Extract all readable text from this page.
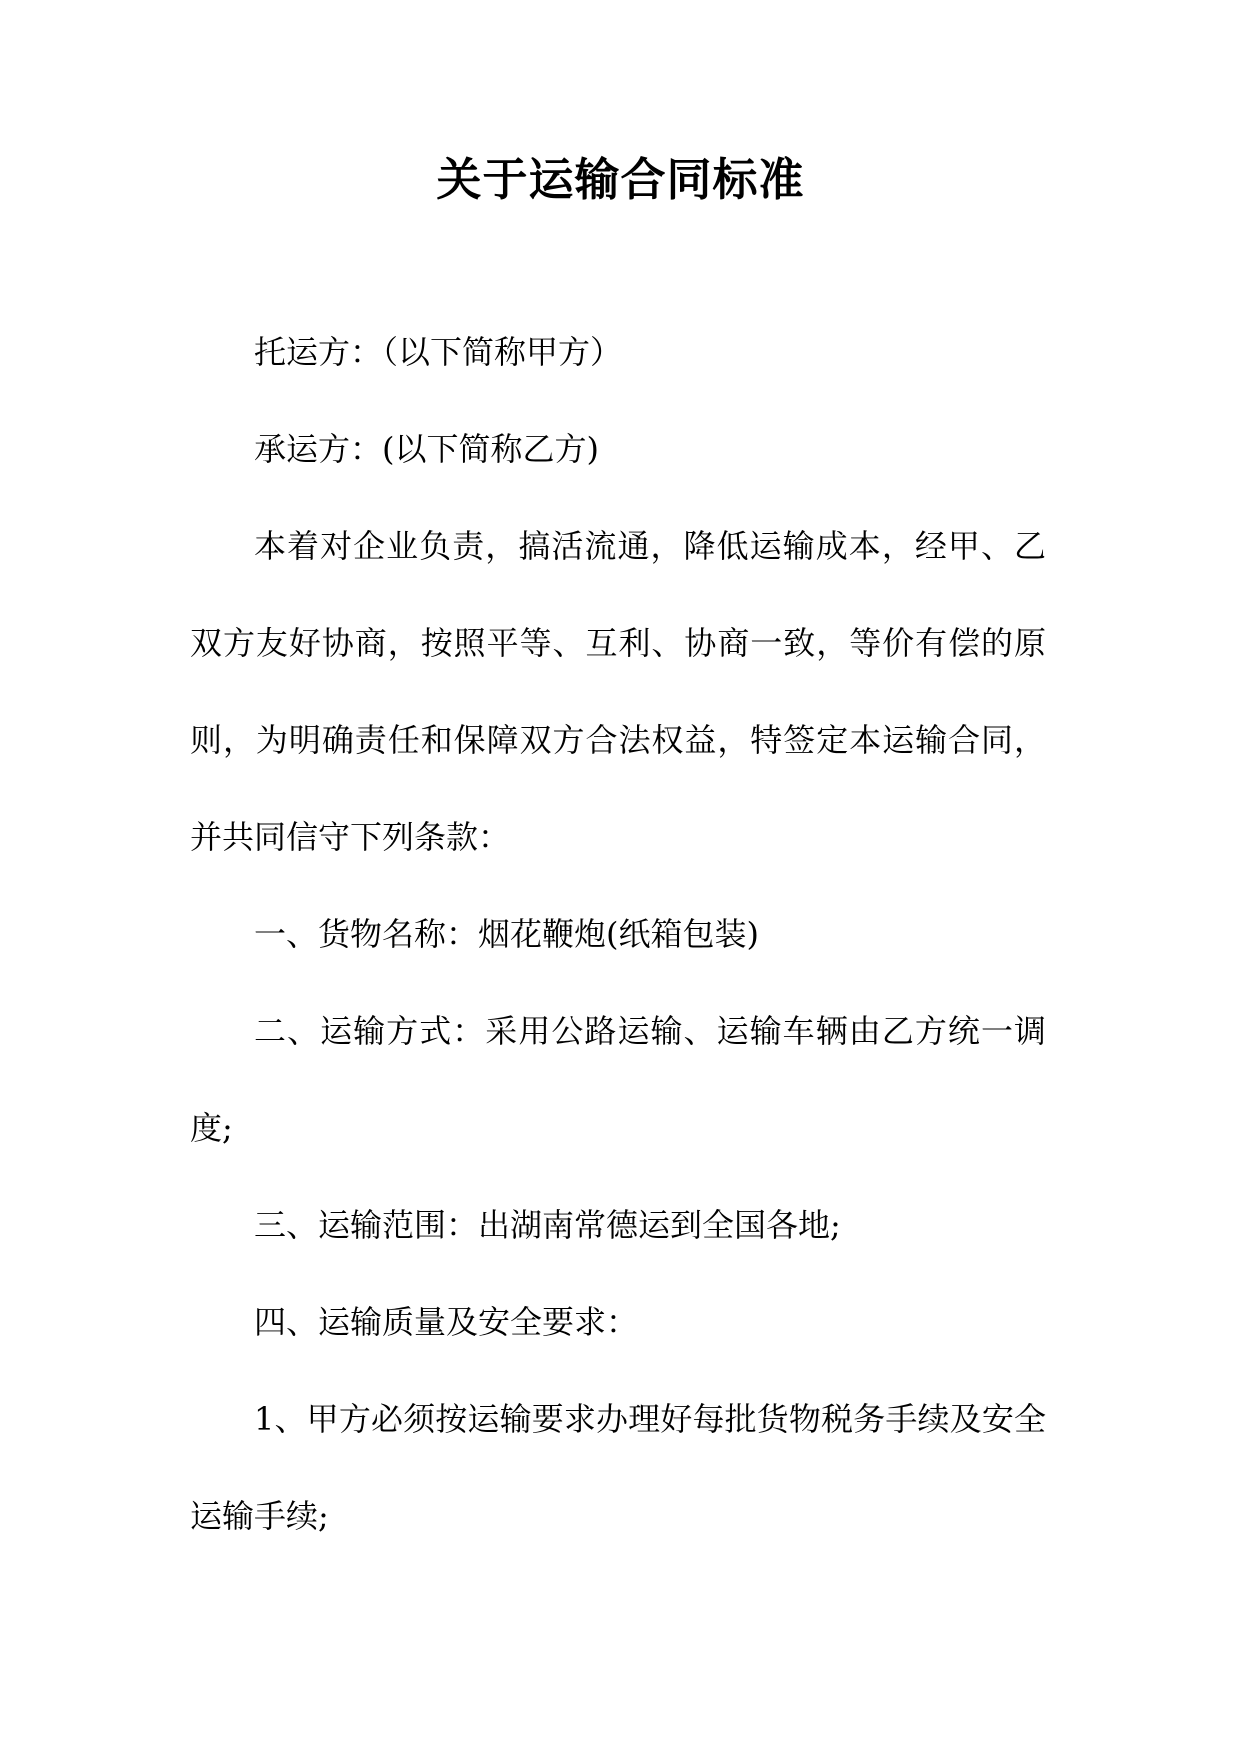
关于运输合同标准

托运方：（以下简称甲方）

承运方：(以下简称乙方)

本着对企业负责，搞活流通，降低运输成本，经甲、乙双方友好协商，按照平等、互利、协商一致，等价有偿的原则，为明确责任和保障双方合法权益，特签定本运输合同，并共同信守下列条款：

一、货物名称：烟花鞭炮(纸箱包装)

二、运输方式：采用公路运输、运输车辆由乙方统一调度;

三、运输范围：出湖南常德运到全国各地;

四、运输质量及安全要求：

1、甲方必须按运输要求办理好每批货物税务手续及安全运输手续;
